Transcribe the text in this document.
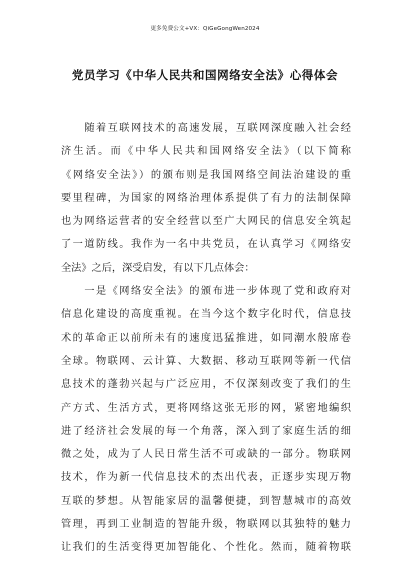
更多免费公文+VX：QiGeGongWen2024
党员学习《中华人民共和国网络安全法》心得体会
　　随着互联网技术的高速发展，互联网深度融入社会经
济生活。而《中华人民共和国网络安全法》（以下简称
《网络安全法》）的颁布则是我国网络空间法治建设的重
要里程碑，为国家的网络治理体系提供了有力的法制保障
也为网络运营者的安全经营以至广大网民的信息安全筑起
了一道防线。我作为一名中共党员，在认真学习《网络安
全法》之后，深受启发，有以下几点体会：
　　一是《网络安全法》的颁布进一步体现了党和政府对
信息化建设的高度重视。在当今这个数字化时代，信息技
术的革命正以前所未有的速度迅猛推进，如同潮水般席卷
全球。物联网、云计算、大数据、移动互联网等新一代信
息技术的蓬勃兴起与广泛应用，不仅深刻改变了我们的生
产方式、生活方式，更将网络这张无形的网，紧密地编织
进了经济社会发展的每一个角落，深入到了家庭生活的细
微之处，成为了人民日常生活不可或缺的一部分。物联网
技术，作为新一代信息技术的杰出代表，正逐步实现万物
互联的梦想。从智能家居的温馨便捷，到智慧城市的高效
管理，再到工业制造的智能升级，物联网以其独特的魅力
让我们的生活变得更加智能化、个性化。然而，随着物联
